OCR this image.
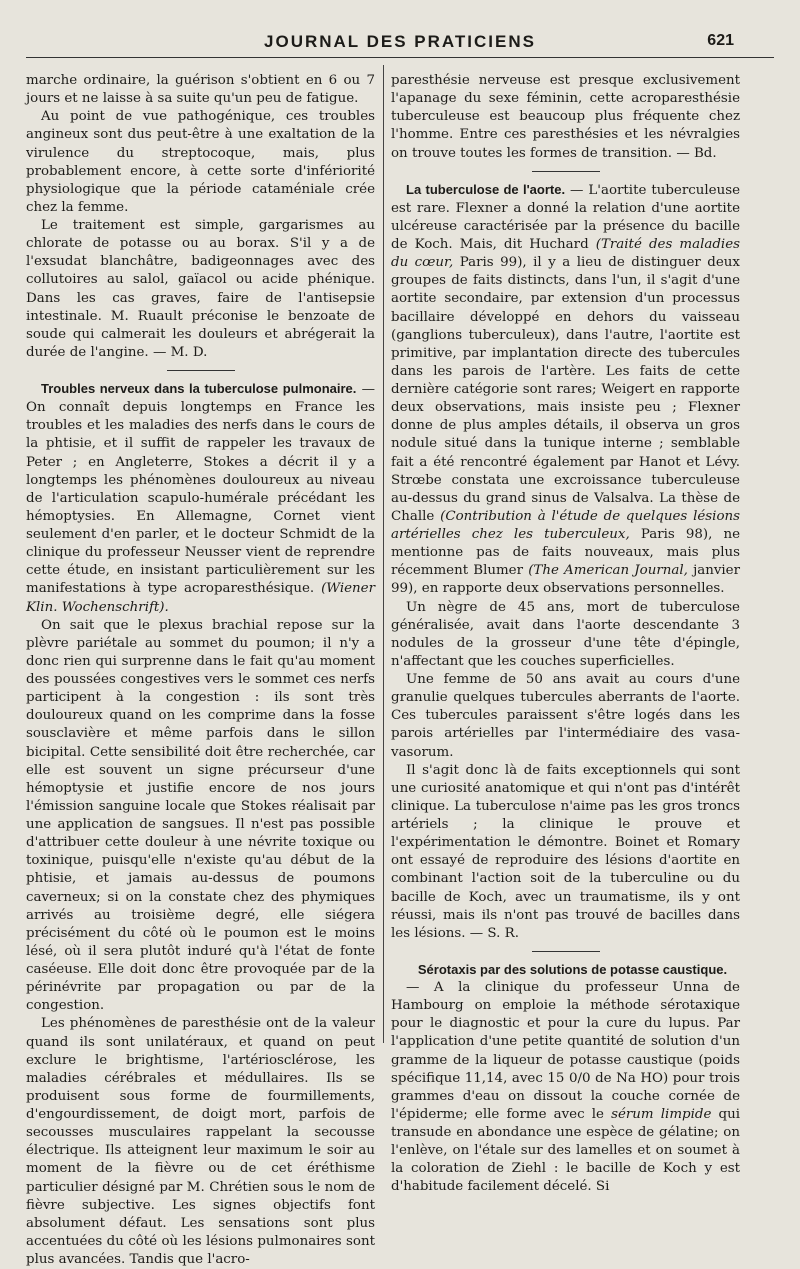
JOURNAL DES PRATICIENS	621

marche ordinaire, la guérison s'obtient en 6 ou 7 jours et ne laisse à sa suite qu'un peu de fatigue.

Au point de vue pathogénique, ces troubles angineux sont dus peut-être à une exaltation de la virulence du streptocoque, mais, plus probablement encore, à cette sorte d'infériorité physiologique que la période cataméniale crée chez la femme.

Le traitement est simple, gargarismes au chlorate de potasse ou au borax. S'il y a de l'exsudat blanchâtre, badigeonnages avec des collutoires au salol, gaïacol ou acide phénique. Dans les cas graves, faire de l'antisepsie intestinale. M. Ruault préconise le benzoate de soude qui calmerait les douleurs et abrégerait la durée de l'angine. — M. D.

Troubles nerveux dans la tuberculose pulmonaire. — On connaît depuis longtemps en France les troubles et les maladies des nerfs dans le cours de la phtisie, et il suffit de rappeler les travaux de Peter ; en Angleterre, Stokes a décrit il y a longtemps les phénomènes douloureux au niveau de l'articulation scapulo-humérale précédant les hémoptysies. En Allemagne, Cornet vient seulement d'en parler, et le docteur Schmidt de la clinique du professeur Neusser vient de reprendre cette étude, en insistant particulièrement sur les manifestations à type acroparesthésique. (Wiener Klin. Wochenschrift).

On sait que le plexus brachial repose sur la plèvre pariétale au sommet du poumon; il n'y a donc rien qui surprenne dans le fait qu'au moment des poussées congestives vers le sommet ces nerfs participent à la congestion : ils sont très douloureux quand on les comprime dans la fosse sousclavière et même parfois dans le sillon bicipital. Cette sensibilité doit être recherchée, car elle est souvent un signe précurseur d'une hémoptysie et justifie encore de nos jours l'émission sanguine locale que Stokes réalisait par une application de sangsues. Il n'est pas possible d'attribuer cette douleur à une névrite toxique ou toxinique, puisqu'elle n'existe qu'au début de la phtisie, et jamais au-dessus de poumons caverneux; si on la constate chez des phymiques arrivés au troisième degré, elle siégera précisément du côté où le poumon est le moins lésé, où il sera plutôt induré qu'à l'état de fonte caséeuse. Elle doit donc être provoquée par de la périnévrite par propagation ou par de la congestion.

Les phénomènes de paresthésie ont de la valeur quand ils sont unilatéraux, et quand on peut exclure le brightisme, l'artériosclérose, les maladies cérébrales et médullaires. Ils se produisent sous forme de fourmillements, d'engourdissement, de doigt mort, parfois de secousses musculaires rappelant la secousse électrique. Ils atteignent leur maximum le soir au moment de la fièvre ou de cet éréthisme particulier désigné par M. Chrétien sous le nom de fièvre subjective. Les signes objectifs font absolument défaut. Les sensations sont plus accentuées du côté où les lésions pulmonaires sont plus avancées. Tandis que l'acro-

paresthésie nerveuse est presque exclusivement l'apanage du sexe féminin, cette acroparesthésie tuberculeuse est beaucoup plus fréquente chez l'homme. Entre ces paresthésies et les névralgies on trouve toutes les formes de transition. — Bd.

La tuberculose de l'aorte. — L'aortite tuberculeuse est rare. Flexner a donné la relation d'une aortite ulcéreuse caractérisée par la présence du bacille de Koch. Mais, dit Huchard (Traité des maladies du cœur, Paris 99), il y a lieu de distinguer deux groupes de faits distincts, dans l'un, il s'agit d'une aortite secondaire, par extension d'un processus bacillaire développé en dehors du vaisseau (ganglions tuberculeux), dans l'autre, l'aortite est primitive, par implantation directe des tubercules dans les parois de l'artère. Les faits de cette dernière catégorie sont rares; Weigert en rapporte deux observations, mais insiste peu ; Flexner donne de plus amples détails, il observa un gros nodule situé dans la tunique interne ; semblable fait a été rencontré également par Hanot et Lévy. Strœbe constata une excroissance tuberculeuse au-dessus du grand sinus de Valsalva. La thèse de Challe (Contribution à l'étude de quelques lésions artérielles chez les tuberculeux, Paris 98), ne mentionne pas de faits nouveaux, mais plus récemment Blumer (The American Journal, janvier 99), en rapporte deux observations personnelles.

Un nègre de 45 ans, mort de tuberculose généralisée, avait dans l'aorte descendante 3 nodules de la grosseur d'une tête d'épingle, n'affectant que les couches superficielles.

Une femme de 50 ans avait au cours d'une granulie quelques tubercules aberrants de l'aorte. Ces tubercules paraissent s'être logés dans les parois artérielles par l'intermédiaire des vasa-vasorum.

Il s'agit donc là de faits exceptionnels qui sont une curiosité anatomique et qui n'ont pas d'intérêt clinique. La tuberculose n'aime pas les gros troncs artériels ; la clinique le prouve et l'expérimentation le démontre. Boinet et Romary ont essayé de reproduire des lésions d'aortite en combinant l'action soit de la tuberculine ou du bacille de Koch, avec un traumatisme, ils y ont réussi, mais ils n'ont pas trouvé de bacilles dans les lésions. — S. R.

Sérotaxis par des solutions de potasse caustique.

— A la clinique du professeur Unna de Hambourg on emploie la méthode sérotaxique pour le diagnostic et pour la cure du lupus. Par l'application d'une petite quantité de solution d'un gramme de la liqueur de potasse caustique (poids spécifique 11,14, avec 15 0/0 de Na HO) pour trois grammes d'eau on dissout la couche cornée de l'épiderme; elle forme avec le sérum limpide qui transude en abondance une espèce de gélatine; on l'enlève, on l'étale sur des lamelles et on soumet à la coloration de Ziehl : le bacille de Koch y est d'habitude facilement décelé. Si
